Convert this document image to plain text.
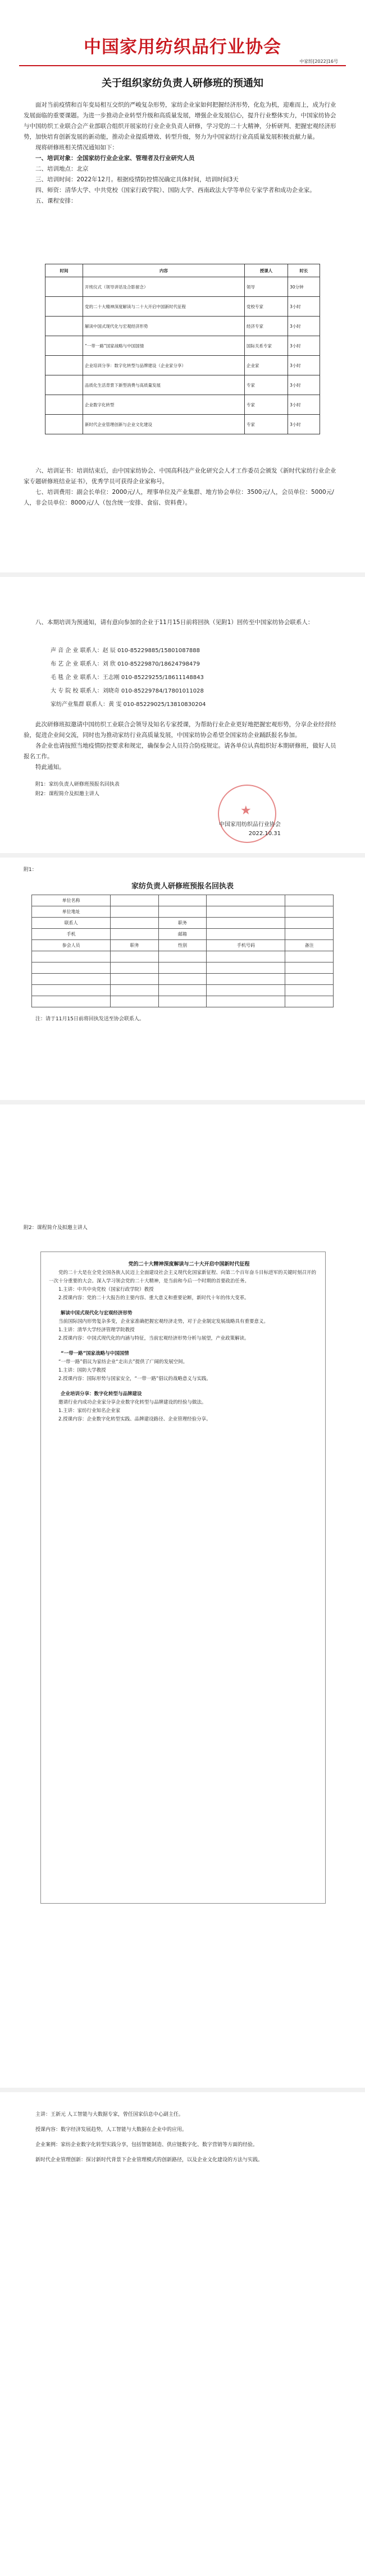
中国家用纺织品行业协会
中家纺[2022]16号
关于组织家纺负责人研修班的预通知

面对当前疫情和百年变局相互交织的严峻复杂形势，家纺企业家如何把握经济形势，化危为机，迎难而上，成为行业发展面临的重要课题。为进一步推动企业转型升级和高质量发展，增强企业发展信心，提升行业整体实力，中国家纺协会与中国纺织工业联合会产业部联合组织开展家纺行业企业负责人研修，学习党的二十大精神，分析研判、把握宏观经济形势，加快培育创新发展的新动能，推动企业提质增效、转型升级，努力为中国家纺行业高质量发展积极贡献力量。

现将研修班相关情况通知如下：

一、培训对象：全国家纺行业企业家、管理者及行业研究人员

二、培训地点：北京

三、培训时间：2022年12月。根据疫情防控情况确定具体时间，培训时间3天

四、师资：清华大学、中共党校（国家行政学院）、国防大学、西南政法大学等单位专家学者和成功企业家。

五、课程安排：

时间	内容	授课人	时长
	开班仪式（领导讲话及合影留念）	领导	30分钟
	党的二十大精神深度解读与二十大开启中国新时代征程	党校专家	3小时
	解读中国式现代化与宏观经济形势	经济专家	3小时
	“一带一路”国家战略与中国国情	国际关系专家	3小时
	企业培训分享：数字化转型与品牌建设（企业家分享）	企业家	3小时
	品质化生活背景下新型消费与高质量发展	专家	3小时
	企业数字化转型	专家	3小时
	新时代企业管理创新与企业文化建设	专家	3小时

六、培训证书：培训结束后，由中国家纺协会、中国高科技产业化研究会人才工作委员会颁发《新时代家纺行业企业家专题研修班结业证书》，优秀学员可获得企业家称号。

七、培训费用：副会长单位：2000元/人，理事单位及产业集群、地方协会单位：3500元/人，会员单位：5000元/人，非会员单位：8000元/人（包含统一安排、食宿、资料费）。

八、本期培训为预通知，请有意向参加的企业于11月15日前将回执（见附1）回传至中国家纺协会联系人：

声 音 企 业 联系人：赵 辰 010-85229885/15801087888
布 艺 企 业 联系人：刘 欣 010-85229870/18624798479
毛 毯 企 业 联系人：王志刚 010-85229255/18611148843
大 专 院 校 联系人：刘晓奇 010-85229784/17801011028
家纺产业集群 联系人：黄 雯 010-85229025/13810830204

此次研修班拟邀请中国纺织工业联合会领导及知名专家授课，为帮助行业企业更好地把握宏观形势，分享企业经营经验，促进企业间交流，同时也为推动家纺行业高质量发展，中国家纺协会希望全国家纺企业踊跃报名参加。

各企业也请按照当地疫情防控要求和规定，确保参会人员符合防疫规定。请各单位认真组织好本期研修班，做好人员报名工作。

特此通知。

附1：家纺负责人研修班预报名回执表

附2：课程简介及拟邀主讲人

★
中国家用纺织品行业协会
2022.10.31

附1：

家纺负责人研修班预报名回执表
单位名称				
单位地址				
联系人		职务		
手机		邮箱		
参会人员	职务	性别	手机号码	备注

注：请于11月15日前将回执发送至协会联系人。

附2：课程简介及拟邀主讲人

党的二十大精神深度解读与二十大开启中国新时代征程

党的二十大是在全党全国各族人民迈上全面建设社会主义现代化国家新征程、向第二个百年奋斗目标进军的关键时刻召开的一次十分重要的大会。深入学习领会党的二十大精神，是当前和今后一个时期的首要政治任务。

1.主讲：中共中央党校（国家行政学院）教授

2.授课内容：党的二十大报告的主要内容、重大意义和重要论断，新时代十年的伟大变革。

解读中国式现代化与宏观经济形势

当前国际国内形势复杂多变，企业家准确把握宏观经济走势，对于企业制定发展战略具有重要意义。

1.主讲：清华大学经济管理学院教授

2.授课内容：中国式现代化的内涵与特征，当前宏观经济形势分析与展望，产业政策解读。

“一带一路”国家战略与中国国情

“一带一路”倡议为家纺企业“走出去”提供了广阔的发展空间。

1.主讲：国防大学教授

2.授课内容：国际形势与国家安全，“一带一路”倡议的战略意义与实践。

企业培训分享：数字化转型与品牌建设

邀请行业内成功企业家分享企业数字化转型与品牌建设的经验与做法。

1.主讲：家纺行业知名企业家

2.授课内容：企业数字化转型实践、品牌建设路径、企业管理经验分享。

主讲：王新元 人工智能与大数据专家，曾任国家信息中心副主任。

授课内容：数字经济发展趋势，人工智能与大数据在企业中的应用。

企业案例：家纺企业数字化转型实践分享，包括智能制造、供应链数字化、数字营销等方面的经验。

新时代企业管理创新：探讨新时代背景下企业管理模式的创新路径，以及企业文化建设的方法与实践。
